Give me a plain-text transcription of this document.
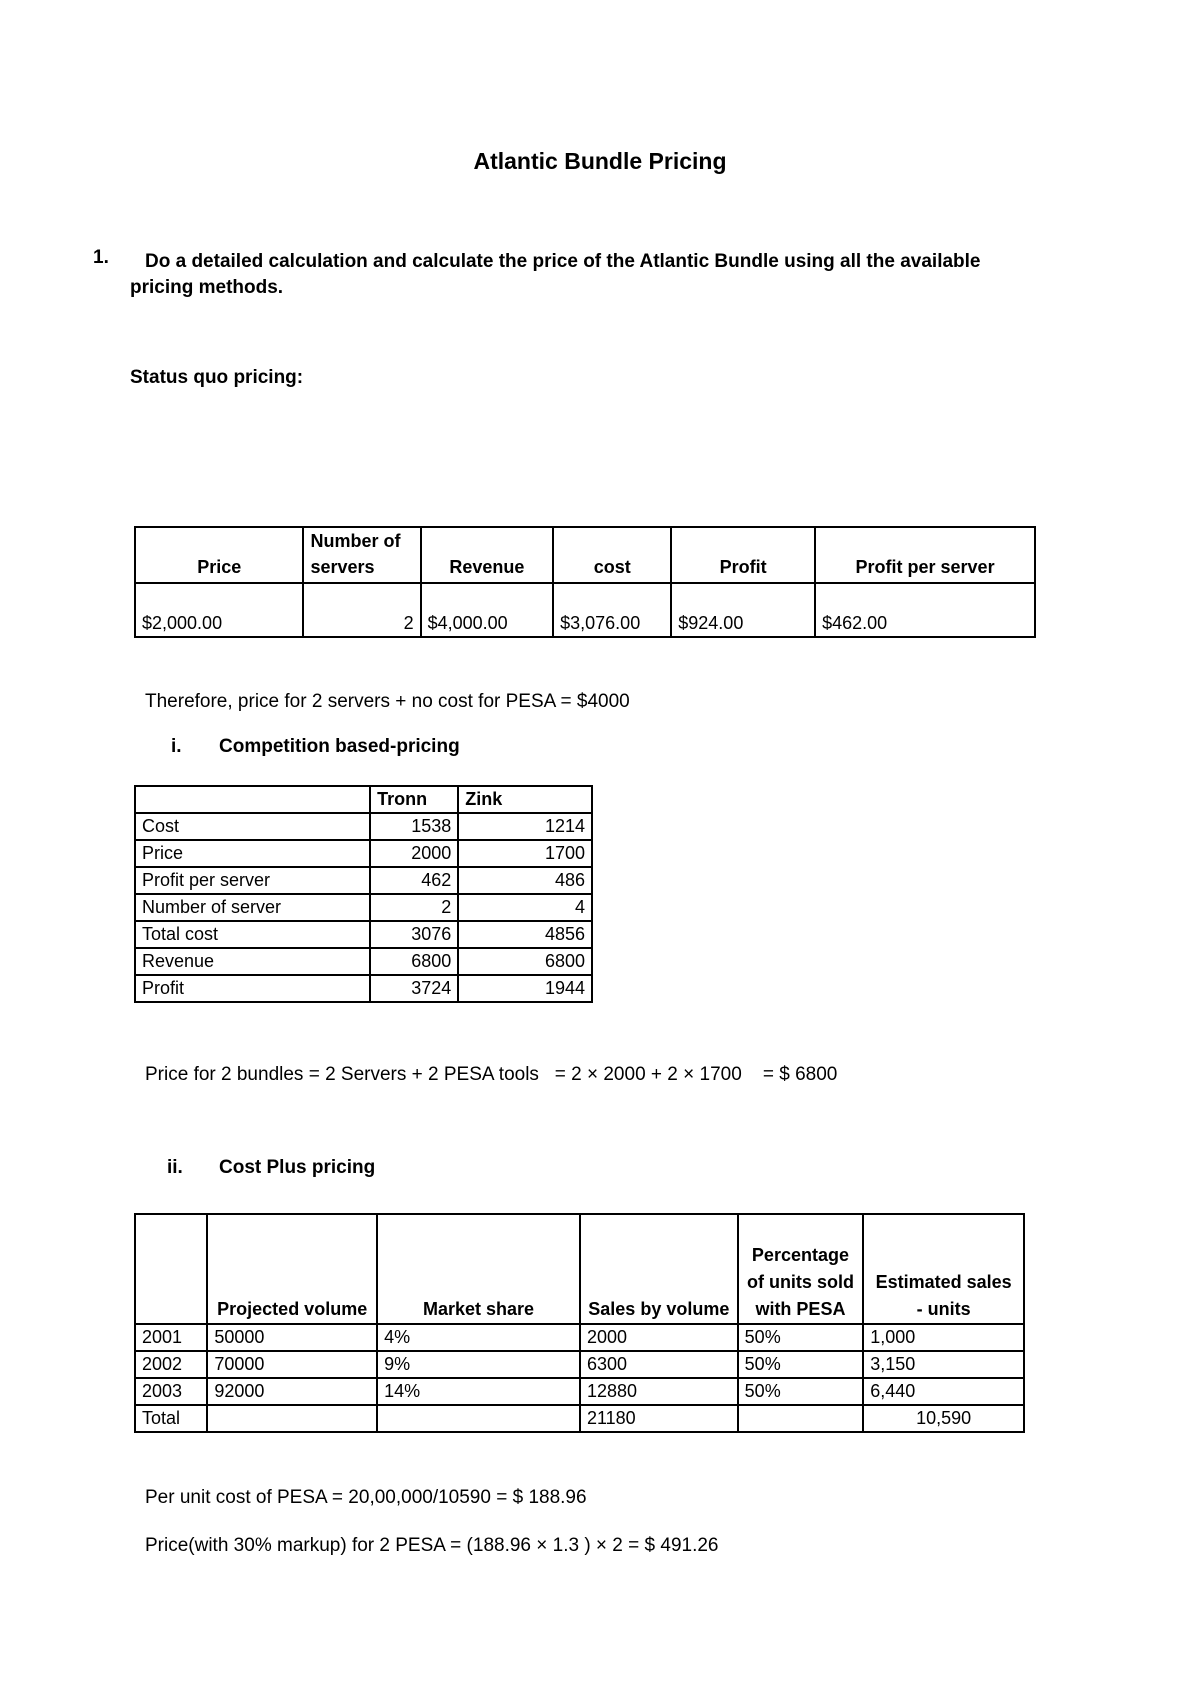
Atlantic Bundle Pricing
1. Do a detailed calculation and calculate the price of the Atlantic Bundle using all the available
pricing methods.
Status quo pricing:
Price	Number of servers	Revenue	cost	Profit	Profit per server
$2,000.00	2	$4,000.00	$3,076.00	$924.00	$462.00
Therefore, price for 2 servers + no cost for PESA = $4000
i. Competition based-pricing
	Tronn	Zink
Cost	1538	1214
Price	2000	1700
Profit per server	462	486
Number of server	2	4
Total cost	3076	4856
Revenue	6800	6800
Profit	3724	1944
Price for 2 bundles = 2 Servers + 2 PESA tools   = 2 × 2000 + 2 × 1700    = $ 6800
ii. Cost Plus pricing
	Projected volume	Market share	Sales by volume	Percentage of units sold with PESA	Estimated sales - units
2001	50000	4%	2000	50%	1,000
2002	70000	9%	6300	50%	3,150
2003	92000	14%	12880	50%	6,440
Total			21180		10,590
Per unit cost of PESA = 20,00,000/10590 = $ 188.96
Price(with 30% markup) for 2 PESA = (188.96 × 1.3 ) × 2 = $ 491.26
